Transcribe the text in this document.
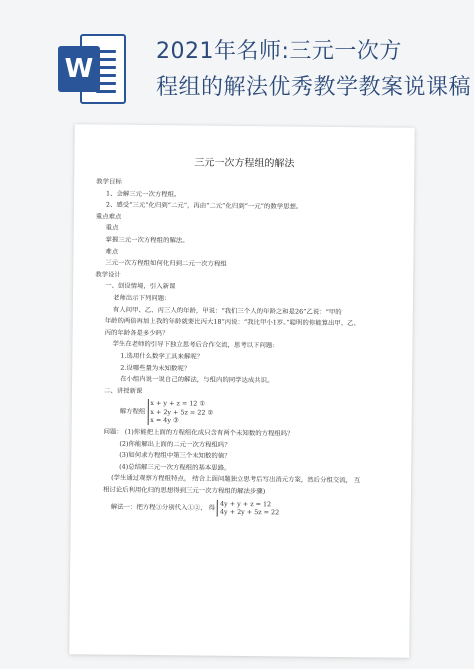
W
2021年名师:三元一次方
程组的解法优秀教学教案说课稿
三元一次方程组的解法
教学目标
1、会解三元一次方程组。
2、感受“三元”化归到“二元”，再由“二元”化归到“一元”的数学思想。
重点难点
重点
掌握三元一次方程组的解法。
难点
三元一次方程组如何化归到二元一次方程组
教学设计
一、创设情境，引入新课
老师出示下列问题：
有人问甲、乙、丙三人的年龄，甲说：“我们三个人的年龄之和是26”乙说：“甲的
年龄的两倍再加上我的年龄就要比丙大18”丙说：“我比甲小1岁。”聪明的你能算出甲、乙、
丙的年龄各是多少吗？
学生在老师的引导下独立思考后合作交流，思考以下问题：
1.选用什么数学工具来解呢？
2.设哪些量为未知数呢？
在小组内说一说自己的解法，与组内的同学达成共识。
二、讲授新课
解方程组
x + y + z = 12 ①
x + 2y + 5z = 22 ②
x = 4y ③
问题： (1)你能把上面的方程组化成只含有两个未知数的方程组吗？
(2)你能解出上面的二元一次方程组吗？
(3)如何求方程组中第三个未知数的值？
(4)总结解三元一次方程组的基本思路。
(学生通过观察方程组特点， 结合上面问题独立思考后写出消元方案，然后分组交流， 互
相讨论后利用化归的思想得到三元一次方程组的解法步骤)
解法一：把方程③分别代入①②， 得 4y + y + z = 12
4y + 2y + 5z = 22
